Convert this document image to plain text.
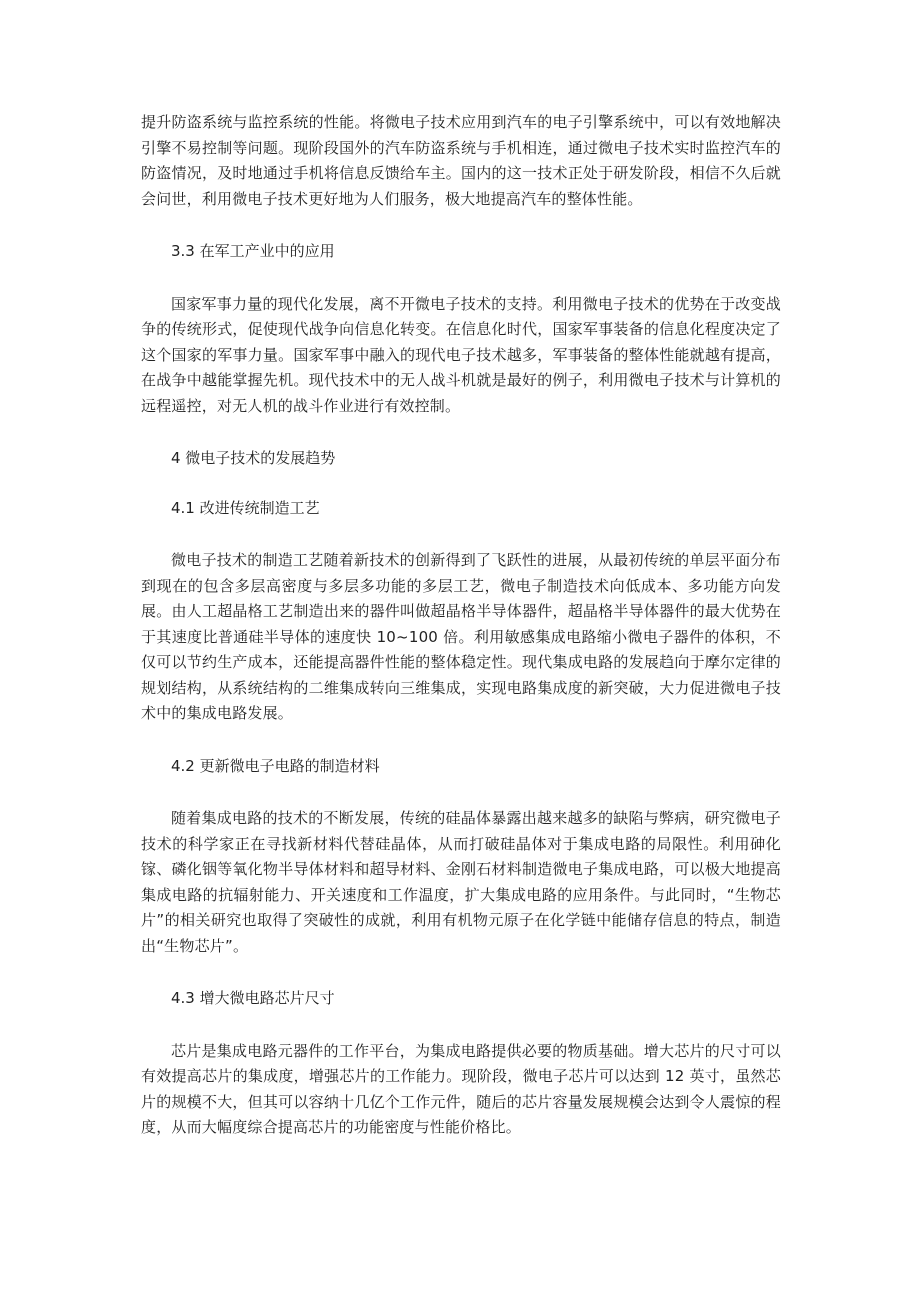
提升防盗系统与监控系统的性能。将微电子技术应用到汽车的电子引擎系统中，可以有效地解决引擎不易控制等问题。现阶段国外的汽车防盗系统与手机相连，通过微电子技术实时监控汽车的防盗情况，及时地通过手机将信息反馈给车主。国内的这一技术正处于研发阶段，相信不久后就会问世，利用微电子技术更好地为人们服务，极大地提高汽车的整体性能。

3.3 在军工产业中的应用

国家军事力量的现代化发展，离不开微电子技术的支持。利用微电子技术的优势在于改变战争的传统形式，促使现代战争向信息化转变。在信息化时代，国家军事装备的信息化程度决定了这个国家的军事力量。国家军事中融入的现代电子技术越多，军事装备的整体性能就越有提高，在战争中越能掌握先机。现代技术中的无人战斗机就是最好的例子，利用微电子技术与计算机的远程遥控，对无人机的战斗作业进行有效控制。

4 微电子技术的发展趋势

4.1 改进传统制造工艺

微电子技术的制造工艺随着新技术的创新得到了飞跃性的进展，从最初传统的单层平面分布到现在的包含多层高密度与多层多功能的多层工艺，微电子制造技术向低成本、多功能方向发展。由人工超晶格工艺制造出来的器件叫做超晶格半导体器件，超晶格半导体器件的最大优势在于其速度比普通硅半导体的速度快 10~100 倍。利用敏感集成电路缩小微电子器件的体积，不仅可以节约生产成本，还能提高器件性能的整体稳定性。现代集成电路的发展趋向于摩尔定律的规划结构，从系统结构的二维集成转向三维集成，实现电路集成度的新突破，大力促进微电子技术中的集成电路发展。

4.2 更新微电子电路的制造材料

随着集成电路的技术的不断发展，传统的硅晶体暴露出越来越多的缺陷与弊病，研究微电子技术的科学家正在寻找新材料代替硅晶体，从而打破硅晶体对于集成电路的局限性。利用砷化镓、磷化铟等氧化物半导体材料和超导材料、金刚石材料制造微电子集成电路，可以极大地提高集成电路的抗辐射能力、开关速度和工作温度，扩大集成电路的应用条件。与此同时，“生物芯片”的相关研究也取得了突破性的成就，利用有机物元原子在化学链中能储存信息的特点，制造出“生物芯片”。

4.3 增大微电路芯片尺寸

芯片是集成电路元器件的工作平台，为集成电路提供必要的物质基础。增大芯片的尺寸可以有效提高芯片的集成度，增强芯片的工作能力。现阶段，微电子芯片可以达到 12 英寸，虽然芯片的规模不大，但其可以容纳十几亿个工作元件，随后的芯片容量发展规模会达到令人震惊的程度，从而大幅度综合提高芯片的功能密度与性能价格比。
